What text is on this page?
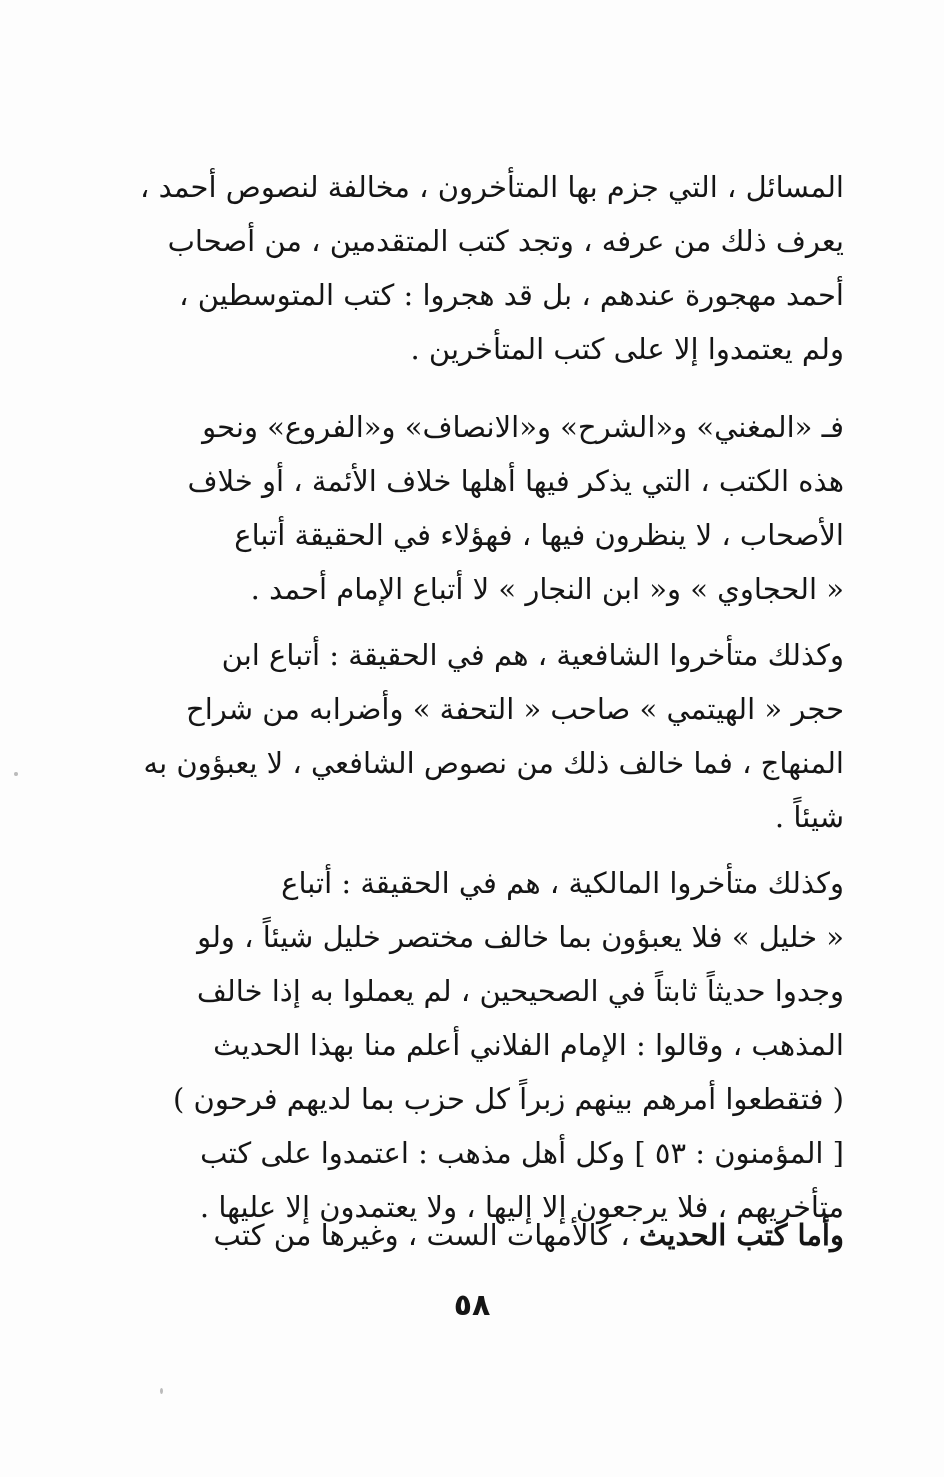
المسائل ، التي جزم بها المتأخرون ، مخالفة لنصوص أحمد ،
يعرف ذلك من عرفه ، وتجد كتب المتقدمين ، من أصحاب
أحمد مهجورة عندهم ، بل قد هجروا : كتب المتوسطين ،
ولم يعتمدوا إلا على كتب المتأخرين .
فـ «المغني» و«الشرح» و«الانصاف» و«الفروع» ونحو
هذه الكتب ، التي يذكر فيها أهلها خلاف الأئمة ، أو خلاف
الأصحاب ، لا ينظرون فيها ، فهؤلاء في الحقيقة أتباع
« الحجاوي » و« ابن النجار » لا أتباع الإمام أحمد .
وكذلك متأخروا الشافعية ، هم في الحقيقة : أتباع ابن
حجر « الهيتمي » صاحب « التحفة » وأضرابه من شراح
المنهاج ، فما خالف ذلك من نصوص الشافعي ، لا يعبؤون به
شيئاً .
وكذلك متأخروا المالكية ، هم في الحقيقة : أتباع
« خليل » فلا يعبؤون بما خالف مختصر خليل شيئاً ، ولو
وجدوا حديثاً ثابتاً في الصحيحين ، لم يعملوا به إذا خالف
المذهب ، وقالوا : الإمام الفلاني أعلم منا بهذا الحديث
( فتقطعوا أمرهم بينهم زبراً كل حزب بما لديهم فرحون )
[ المؤمنون : ٥٣ ] وكل أهل مذهب : اعتمدوا على كتب
متأخريهم ، فلا يرجعون إلا إليها ، ولا يعتمدون إلا عليها .
وأما كتب الحديث ، كالأمهات الست ، وغيرها من كتب
٥٨
